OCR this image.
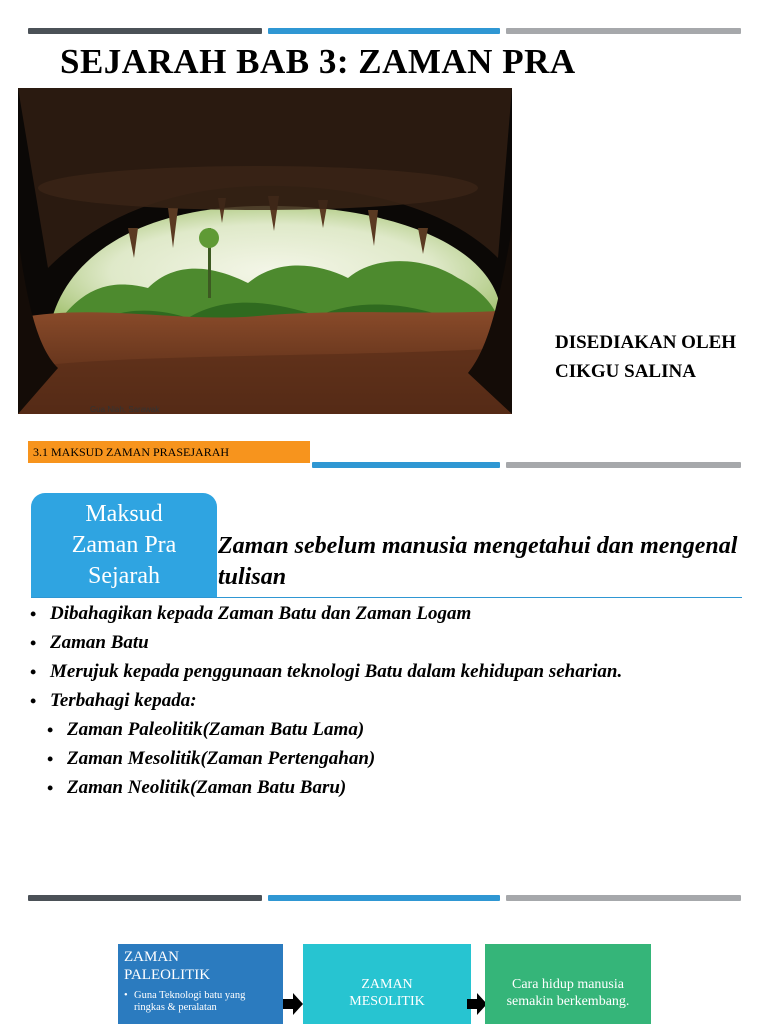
SEJARAH BAB 3: ZAMAN PRA
Gua Niah, Sarawak
DISEDIAKAN OLEH
CIKGU SALINA
3.1 MAKSUD ZAMAN PRASEJARAH
Maksud
Zaman Pra
Sejarah
Zaman sebelum manusia mengetahui dan mengenal tulisan
• Dibahagikan kepada Zaman Batu dan Zaman Logam
• Zaman Batu
• Merujuk kepada penggunaan teknologi Batu dalam kehidupan seharian.
• Terbahagi kepada:
• Zaman Paleolitik(Zaman Batu Lama)
• Zaman Mesolitik(Zaman Pertengahan)
• Zaman Neolitik(Zaman Batu Baru)
ZAMAN
PALEOLITIK
• Guna Teknologi batu yang ringkas & peralatan
ZAMAN
MESOLITIK
Cara hidup manusia
semakin berkembang.
